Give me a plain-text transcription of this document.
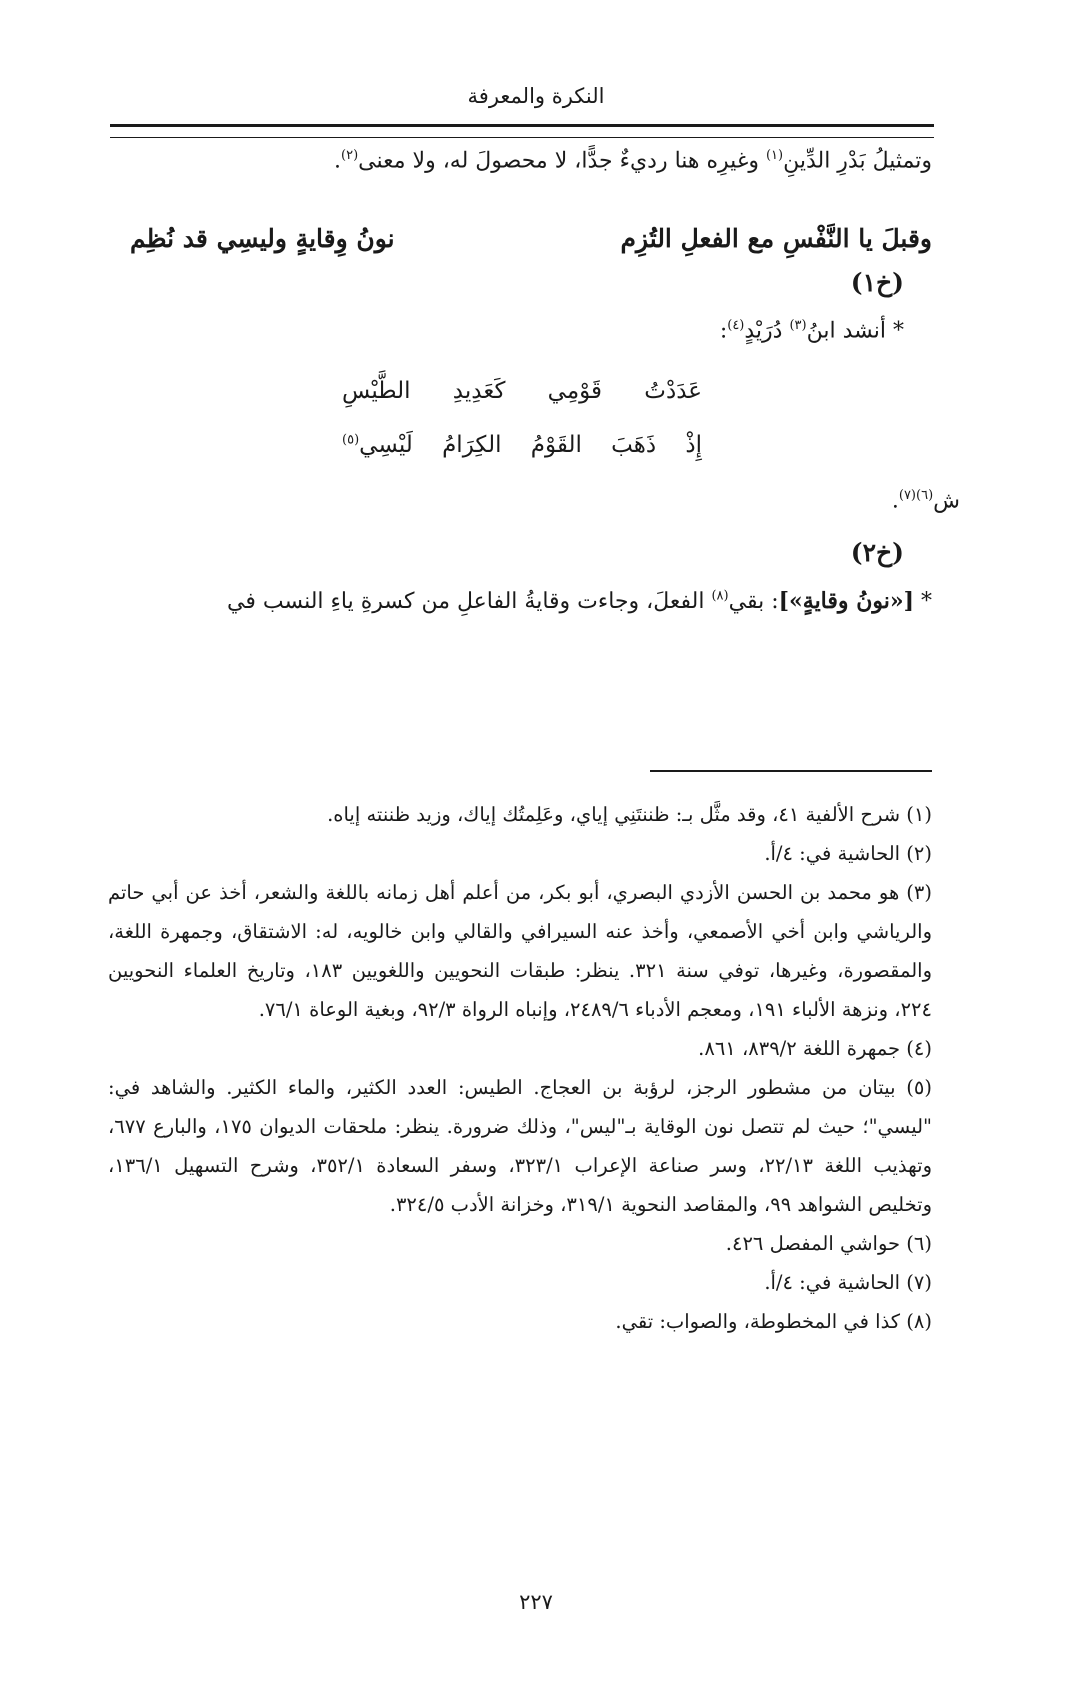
النكرة والمعرفة
وتمثيلُ بَدْرِ الدِّينِ$^{(١)}$ وغيرِه هنا رديءٌ جدًّا، لا محصولَ له، ولا معنى$^{(٢)}$.
وقبلَ يا النَّفْسِ مع الفعلِ التُزِم
نونُ وِقايةٍ وليسِي قد نُظِم
(خ١)
* أنشد ابنُ$^{(٣)}$ دُرَيْدٍ$^{(٤)}$:
عَدَدْتُ
قَوْمِي
كَعَدِيدِ
الطَّيْسِ
إِذْ
ذَهَبَ
القَوْمُ
الكِرَامُ
لَيْسِي$^{(٥)}$
ش$^{(٦)(٧)}$.
(خ٢)
* [«نونُ وقايةٍ»]: بقي$^{(٨)}$ الفعلَ، وجاءت وقايةُ الفاعلِ من كسرةِ ياءِ النسب في

(١) شرح الألفية ٤١، وقد مثَّل بـ: ظننتَنِي إياي، وعَلِمتُك إياك، وزيد ظننته إياه.

(٢) الحاشية في: ٤/أ.

(٣) هو محمد بن الحسن الأزدي البصري، أبو بكر، من أعلم أهل زمانه باللغة والشعر، أخذ عن أبي حاتم والرياشي وابن أخي الأصمعي، وأخذ عنه السيرافي والقالي وابن خالويه، له: الاشتقاق، وجمهرة اللغة، والمقصورة، وغيرها، توفي سنة ٣٢١. ينظر: طبقات النحويين واللغويين ١٨٣، وتاريخ العلماء النحويين ٢٢٤، ونزهة الألباء ١٩١، ومعجم الأدباء ٢٤٨٩/٦، وإنباه الرواة ٩٢/٣، وبغية الوعاة ٧٦/١.

(٤) جمهرة اللغة ٨٣٩/٢، ٨٦١.

(٥) بيتان من مشطور الرجز، لرؤبة بن العجاج. الطيس: العدد الكثير، والماء الكثير. والشاهد في: "ليسي"؛ حيث لم تتصل نون الوقاية بـ"ليس"، وذلك ضرورة. ينظر: ملحقات الديوان ١٧٥، والبارع ٦٧٧، وتهذيب اللغة ٢٢/١٣، وسر صناعة الإعراب ٣٢٣/١، وسفر السعادة ٣٥٢/١، وشرح التسهيل ١٣٦/١، وتخليص الشواهد ٩٩، والمقاصد النحوية ٣١٩/١، وخزانة الأدب ٣٢٤/٥.

(٦) حواشي المفصل ٤٢٦.

(٧) الحاشية في: ٤/أ.

(٨) كذا في المخطوطة، والصواب: تقي.

٢٢٧
